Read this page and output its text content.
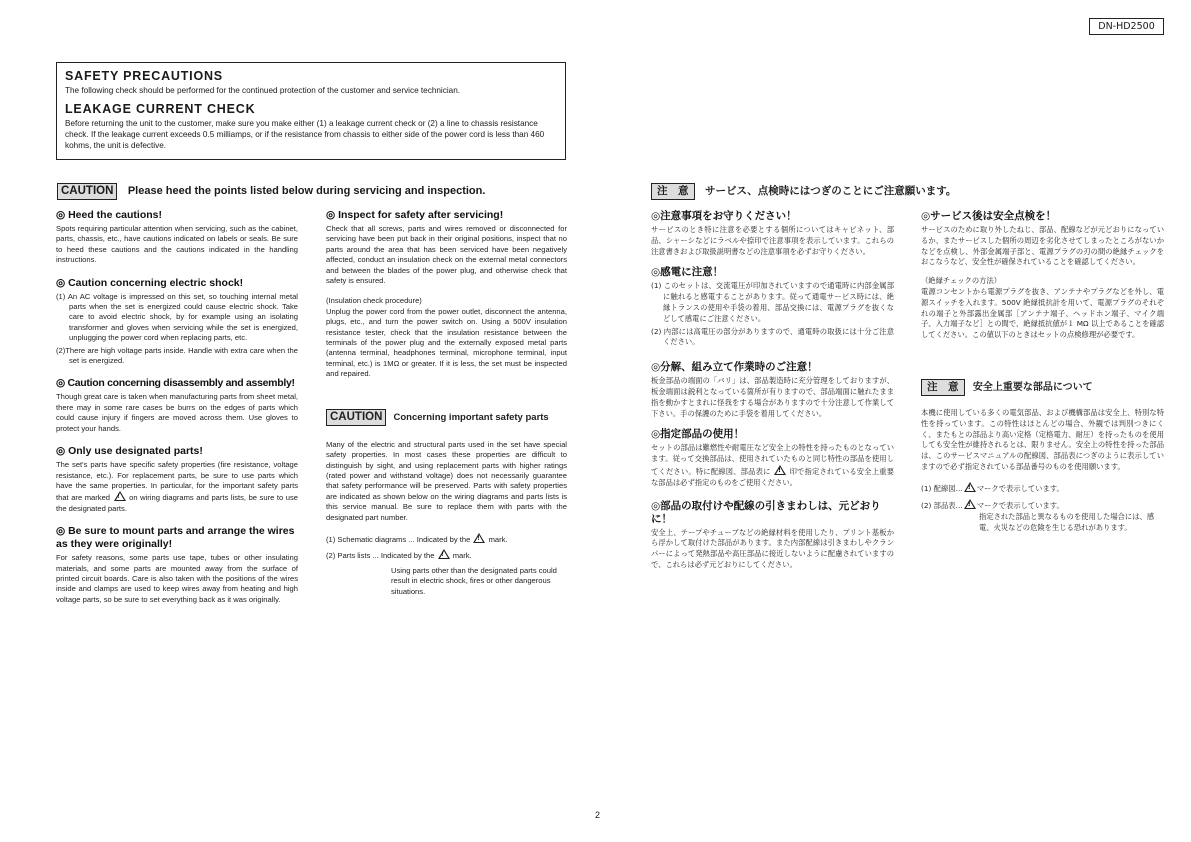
DN-HD2500
SAFETY PRECAUTIONS

The following check should be performed for the continued protection of the customer and service technician.

LEAKAGE CURRENT CHECK

Before returning the unit to the customer, make sure you make either (1) a leakage current check or (2) a line to chassis resistance check. If the leakage current exceeds 0.5 milliamps, or if the resistance from chassis to either side of the power cord is less than 460 kohms, the unit is defective.

CAUTION Please heed the points listed below during servicing and inspection.
◎ Heed the cautions!

Spots requiring particular attention when servicing, such as the cabinet, parts, chassis, etc., have cautions indicated on labels or seals. Be sure to heed these cautions and the cautions indicated in the handling instructions.

◎ Caution concerning electric shock!

(1) An AC voltage is impressed on this set, so touching internal metal parts when the set is energized could cause electric shock. Take care to avoid electric shock, by for example using an isolating transformer and gloves when servicing while the set is energized, unplugging the power cord when replacing parts, etc.

(2)There are high voltage parts inside. Handle with extra care when the set is energized.

◎ Caution concerning disassembly and assembly!

Though great care is taken when manufacturing parts from sheet metal, there may in some rare cases be burrs on the edges of parts which could cause injury if fingers are moved across them. Use gloves to protect your hands.

◎ Only use designated parts!

The set's parts have specific safety properties (fire resistance, voltage resistance, etc.). For replacement parts, be sure to use parts which have the same properties. In particular, for the important safety parts that are marked !	on wiring diagrams and parts lists, be sure to use the designated parts.

◎ Be sure to mount parts and arrange the wires as they were originally!

For safety reasons, some parts use tape, tubes or other insulating materials, and some parts are mounted away from the surface of printed circuit boards. Care is also taken with the positions of the wires inside and clamps are used to keep wires away from heating and high voltage parts, so be sure to set everything back as it was originally.

◎ Inspect for safety after servicing!

Check that all screws, parts and wires removed or disconnected for servicing have been put back in their original positions, inspect that no parts around the area that has been serviced have been negatively affected, conduct an insulation check on the external metal connectors and between the blades of the power plug, and otherwise check that safety is ensured.

(Insulation check procedure)

Unplug the power cord from the power outlet, disconnect the antenna, plugs, etc., and turn the power switch on. Using a 500V insulation resistance tester, check that the insulation resistance between the terminals of the power plug and the externally exposed metal parts (antenna terminal, headphones terminal, microphone terminal, input terminal, etc.) is 1MΩ or greater. If it is less, the set must be inspected and repaired.

CAUTION Concerning important safety parts

Many of the electric and structural parts used in the set have special safety properties. In most cases these properties are difficult to distinguish by sight, and using replacement parts with higher ratings (rated power and withstand voltage) does not necessarily guarantee that safety performance will be preserved. Parts with safety properties are indicated as shown below on the wiring diagrams and parts lists is this service manual. Be sure to replace them with parts with the designated part number.

(1) Schematic diagrams ... Indicated by the ! mark.

(2) Parts lists ... Indicated by the ! mark.

Using parts other than the designated parts could result in electric shock, fires or other dangerous situations.

注　意 サービス、点検時にはつぎのことにご注意願います。
◎注意事項をお守りください！

サービスのとき特に注意を必要とする個所についてはキャビネット、部品、シャーシなどにラベルや捺印で注意事項を表示しています。これらの注意書きおよび取扱説明書などの注意事項を必ずお守りください。

◎感電に注意！

(1) このセットは、交流電圧が印加されていますので通電時に内部金属部に触れると感電することがあります。従って通電サービス時には、絶縁トランスの使用や手袋の着用、部品交換には、電源プラグを抜くなどして感電にご注意ください。

(2) 内部には高電圧の部分がありますので、通電時の取扱には十分ご注意ください。

◎分解、組み立て作業時のご注意！

板金部品の端面の「バリ」は、部品製造時に充分管理をしておりますが、板金端面は鋭利となっている箇所が有りますので、部品端面に触れたまま指を動かすとまれに怪我をする場合がありますので十分注意して作業して下さい。手の保護のために手袋を着用してください。

◎指定部品の使用！

セットの部品は難燃性や耐電圧など安全上の特性を持ったものとなっています。従って交換部品は、使用されていたものと同じ特性の部品を使用してください。特に配線図、部品表に !	印で指定されている安全上重要な部品は必ず指定のものをご使用ください。

◎部品の取付けや配線の引きまわしは、元どおりに！

安全上、テープやチューブなどの絶縁材料を使用したり、プリント基板から浮かして取付けた部品があります。また内部配線は引きまわしやクランパーによって発熱部品や高圧部品に接近しないように配慮されていますので、これらは必ず元どおりにしてください。

◎サービス後は安全点検を！

サービスのために取り外したねじ、部品、配線などが元どおりになっているか、またサービスした個所の周辺を劣化させてしまったところがないかなどを点検し、外部金属端子部と、電源プラグの刃の間の絶縁チェックをおこなうなど、安全性が確保されていることを確認してください。

（絶縁チェックの方法）

電源コンセントから電源プラグを抜き、アンテナやプラグなどを外し、電源スイッチを入れます。500V 絶縁抵抗計を用いて、電源プラグのそれぞれの端子と外部露出金属部［アンテナ端子、ヘッドホン端子、マイク端子、入力端子など］との間で、絶縁抵抗値が１ MΩ 以上であることを確認してください。この値以下のときはセットの点検修理が必要です。

注　意 安全上重要な部品について

本機に使用している多くの電気部品、および機構部品は安全上、特別な特性を持っています。この特性はほとんどの場合、外観では判別つきにくく、またもとの部品より高い定格（定格電力、耐圧）を持ったものを使用しても安全性が維持されるとは、限りません。安全上の特性を持った部品は、このサービスマニュアルの配線図、部品表につぎのように表示していますので必ず指定されている部品番号のものを使用願います。

(1) 配線図… ! マークで表示しています。

(2) 部品表… ! マークで表示しています。

指定された部品と異なるものを使用した場合には、感電、火災などの危険を生じる恐れがあります。

2
